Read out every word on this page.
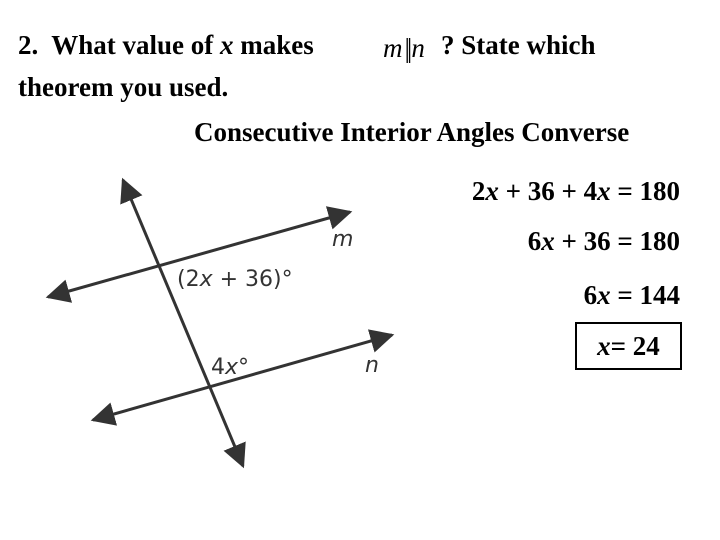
2. What value of x makes	m||n ? State which
theorem you used.
Consecutive Interior Angles Converse
2x + 36 + 4x = 180
6x + 36 = 180
6x = 144
x = 24
m
n
(2x + 36)°
4x°
